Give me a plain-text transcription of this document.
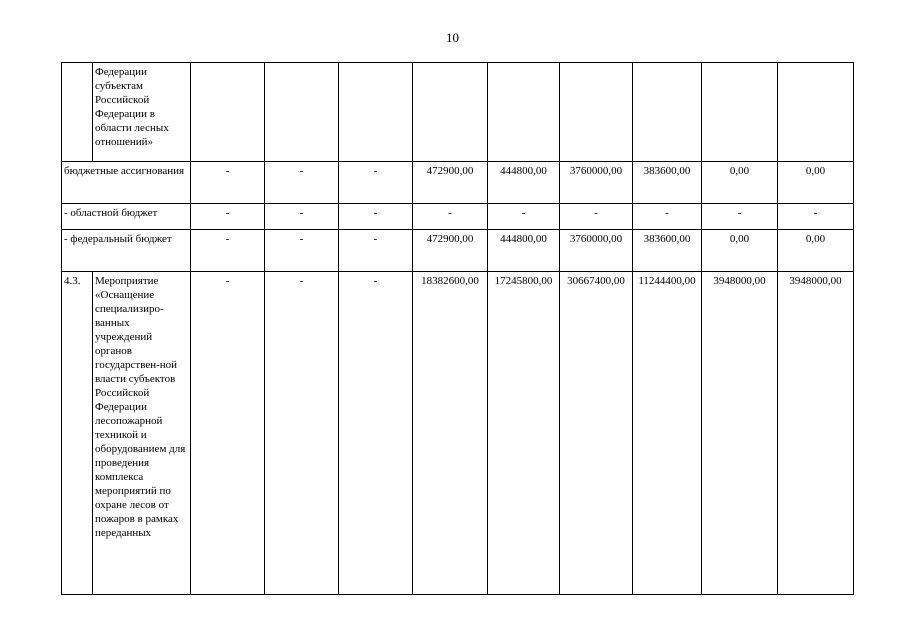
10
	Федерации субъектам Российской Федерации в области лесных отношений»									
бюджетные ассигнования		-	-	-	472900,00	444800,00	3760000,00	383600,00	0,00	0,00
- областной бюджет		-	-	-	-	-	-	-	-	-
- федеральный бюджет		-	-	-	472900,00	444800,00	3760000,00	383600,00	0,00	0,00
4.3.	Мероприятие «Оснащение специализиро-ванных учреждений органов государствен-ной власти субъектов Российской Федерации лесопожарной техникой и оборудованием для проведения комплекса мероприятий по охране лесов от пожаров в рамках переданных	-	-	-	18382600,00	17245800,00	30667400,00	11244400,00	3948000,00	3948000,00
